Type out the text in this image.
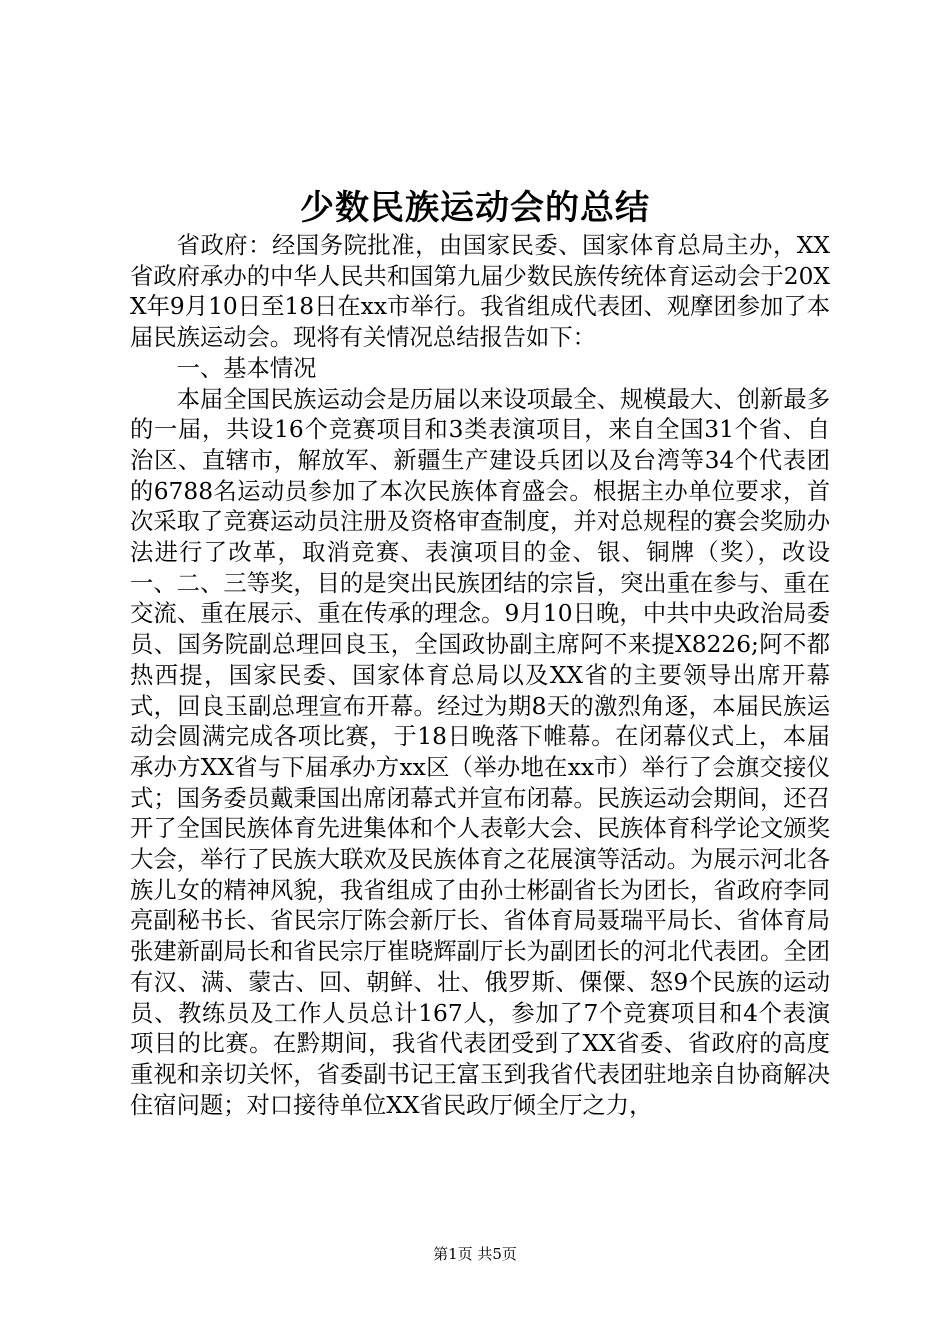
少数民族运动会的总结

省政府：经国务院批准，由国家民委、国家体育总局主办，XX省政府承办的中华人民共和国第九届少数民族传统体育运动会于20XX年9月10日至18日在xx市举行。我省组成代表团、观摩团参加了本届民族运动会。现将有关情况总结报告如下：

一、基本情况

本届全国民族运动会是历届以来设项最全、规模最大、创新最多的一届，共设16个竞赛项目和3类表演项目，来自全国31个省、自治区、直辖市，解放军、新疆生产建设兵团以及台湾等34个代表团的6788名运动员参加了本次民族体育盛会。根据主办单位要求，首次采取了竞赛运动员注册及资格审查制度，并对总规程的赛会奖励办法进行了改革，取消竞赛、表演项目的金、银、铜牌（奖），改设一、二、三等奖，目的是突出民族团结的宗旨，突出重在参与、重在交流、重在展示、重在传承的理念。9月10日晚，中共中央政治局委员、国务院副总理回良玉，全国政协副主席阿不来提X8226;阿不都热西提，国家民委、国家体育总局以及XX省的主要领导出席开幕式，回良玉副总理宣布开幕。经过为期8天的激烈角逐，本届民族运动会圆满完成各项比赛，于18日晚落下帷幕。在闭幕仪式上，本届承办方XX省与下届承办方xx区（举办地在xx市）举行了会旗交接仪式；国务委员戴秉国出席闭幕式并宣布闭幕。民族运动会期间，还召开了全国民族体育先进集体和个人表彰大会、民族体育科学论文颁奖大会，举行了民族大联欢及民族体育之花展演等活动。为展示河北各族儿女的精神风貌，我省组成了由孙士彬副省长为团长，省政府李同亮副秘书长、省民宗厅陈会新厅长、省体育局聂瑞平局长、省体育局张建新副局长和省民宗厅崔晓辉副厅长为副团长的河北代表团。全团有汉、满、蒙古、回、朝鲜、壮、俄罗斯、傈僳、怒9个民族的运动员、教练员及工作人员总计167人，参加了7个竞赛项目和4个表演项目的比赛。在黔期间，我省代表团受到了XX省委、省政府的高度重视和亲切关怀，省委副书记王富玉到我省代表团驻地亲自协商解决住宿问题；对口接待单位XX省民政厅倾全厅之力，

第1页 共5页
